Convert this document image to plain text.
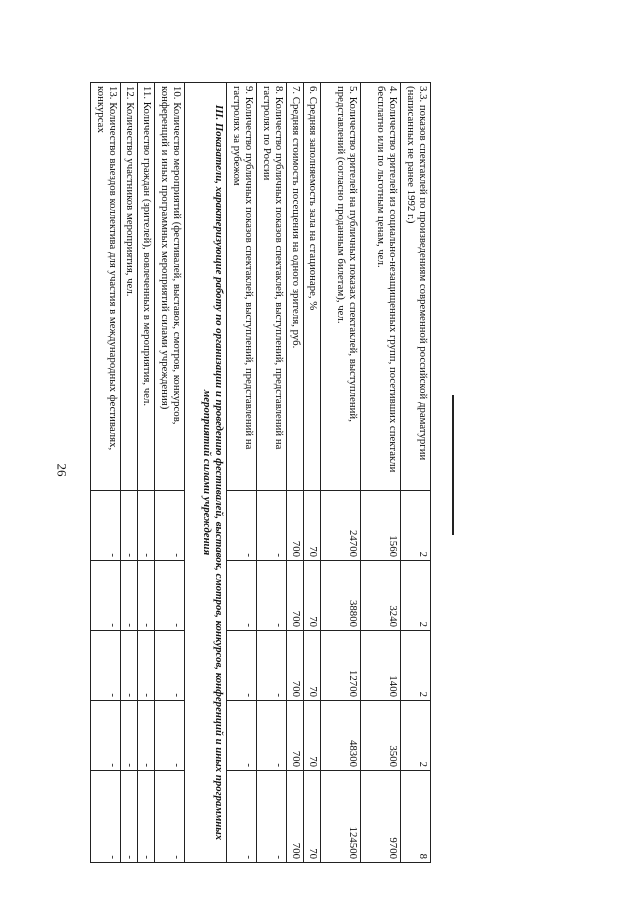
26
3.3. показов спектаклей по произведениям современной российской драматургии (написанных не ранее 1992 г.)	2	2	2	2	8
4. Количество зрителей из социально-незащищенных групп, посетивших спектакли бесплатно или по льготным ценам, чел.	1560	3240	1400	3500	9700
5. Количество зрителей на публичных показах спектаклей, выступлений, представлений (согласно проданным билетам), чел.	24700	38800	12700	48300	124500
6. Средняя заполняемость зала на стационаре, %	70	70	70	70	70
7. Средняя стоимость посещения на одного зрителя, руб.	700	700	700	700	700
8. Количество публичных показов спектаклей, выступлений, представлений на гастролях по России	-	-	-	-	-
9. Количество публичных показов спектаклей, выступлений, представлений на гастролях за рубежом	-	-	-	-	-
III. Показатели, характеризующие работу по организации и проведению фестивалей, выставок, смотров, конкурсов, конференций и иных программных мероприятий силами учреждения					
10. Количество мероприятий (фестивалей, выставок, смотров, конкурсов, конференций и иных программных мероприятий силами учреждения)	-	-	-	-	-
11. Количество граждан (зрителей), вовлеченных в мероприятия, чел.	-	-	-	-	-
12. Количество участников мероприятия, чел.	-	-	-	-	-
13. Количество выездов коллектива для участия в международных фестивалях, конкурсах	-	-	-	-	-
